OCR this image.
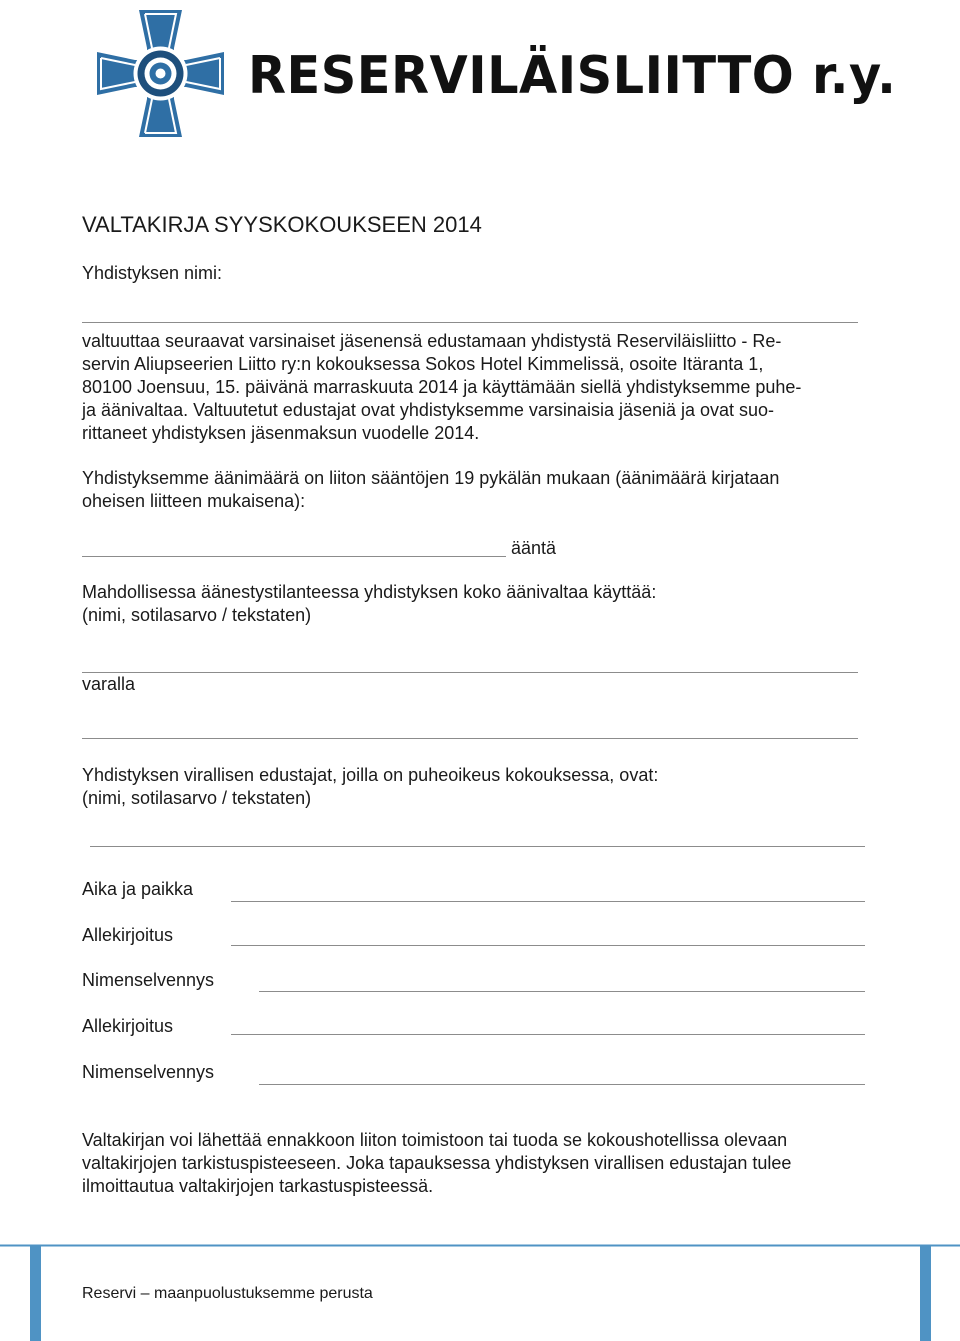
RESERVILÄISLIITTO r.y.
VALTAKIRJA SYYSKOKOUKSEEN 2014
Yhdistyksen nimi:
valtuuttaa seuraavat varsinaiset jäsenensä edustamaan yhdistystä Reserviläisliitto - Re-
servin Aliupseerien Liitto ry:n kokouksessa Sokos Hotel Kimmelissä, osoite Itäranta 1,
80100 Joensuu, 15. päivänä marraskuuta 2014 ja käyttämään siellä yhdistyksemme puhe-
ja äänivaltaa. Valtuutetut edustajat ovat yhdistyksemme varsinaisia jäseniä ja ovat suo-
rittaneet yhdistyksen jäsenmaksun vuodelle 2014.
Yhdistyksemme äänimäärä on liiton sääntöjen 19 pykälän mukaan (äänimäärä kirjataan
oheisen liitteen mukaisena):
ääntä
Mahdollisessa äänestystilanteessa yhdistyksen koko äänivaltaa käyttää:
(nimi, sotilasarvo / tekstaten)
varalla
Yhdistyksen virallisen edustajat, joilla on puheoikeus kokouksessa, ovat:
(nimi, sotilasarvo / tekstaten)
Aika ja paikka
Allekirjoitus
Nimenselvennys
Allekirjoitus
Nimenselvennys
Valtakirjan voi lähettää ennakkoon liiton toimistoon tai tuoda se kokoushotellissa olevaan
valtakirjojen tarkistuspisteeseen. Joka tapauksessa yhdistyksen virallisen edustajan tulee
ilmoittautua valtakirjojen tarkastuspisteessä.
Reservi – maanpuolustuksemme perusta
